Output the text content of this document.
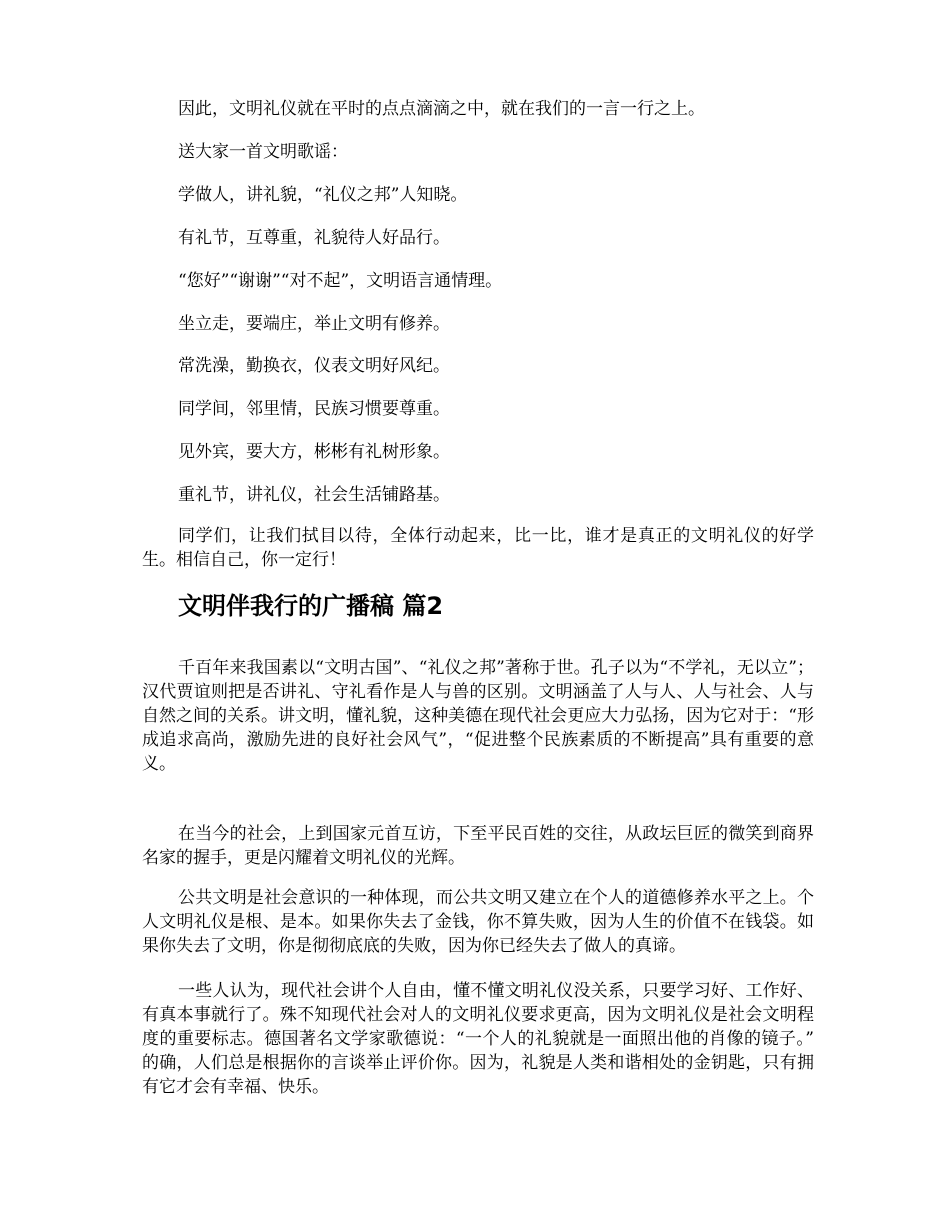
因此，文明礼仪就在平时的点点滴滴之中，就在我们的一言一行之上。

送大家一首文明歌谣：

学做人，讲礼貌，“礼仪之邦”人知晓。

有礼节，互尊重，礼貌待人好品行。

“您好”“谢谢”“对不起”，文明语言通情理。

坐立走，要端庄，举止文明有修养。

常洗澡，勤换衣，仪表文明好风纪。

同学间，邻里情，民族习惯要尊重。

见外宾，要大方，彬彬有礼树形象。

重礼节，讲礼仪，社会生活铺路基。

同学们，让我们拭目以待，全体行动起来，比一比，谁才是真正的文明礼仪的好学生。相信自己，你一定行！

文明伴我行的广播稿 篇2

千百年来我国素以“文明古国”、“礼仪之邦”著称于世。孔子以为“不学礼，无以立”；汉代贾谊则把是否讲礼、守礼看作是人与兽的区别。文明涵盖了人与人、人与社会、人与自然之间的关系。讲文明，懂礼貌，这种美德在现代社会更应大力弘扬，因为它对于：“形成追求高尚，激励先进的良好社会风气”，“促进整个民族素质的不断提高”具有重要的意义。

在当今的社会，上到国家元首互访，下至平民百姓的交往，从政坛巨匠的微笑到商界名家的握手，更是闪耀着文明礼仪的光辉。

公共文明是社会意识的一种体现，而公共文明又建立在个人的道德修养水平之上。个人文明礼仪是根、是本。如果你失去了金钱，你不算失败，因为人生的价值不在钱袋。如果你失去了文明，你是彻彻底底的失败，因为你已经失去了做人的真谛。

一些人认为，现代社会讲个人自由，懂不懂文明礼仪没关系，只要学习好、工作好、有真本事就行了。殊不知现代社会对人的文明礼仪要求更高，因为文明礼仪是社会文明程度的重要标志。德国著名文学家歌德说：“一个人的礼貌就是一面照出他的肖像的镜子。” 的确，人们总是根据你的言谈举止评价你。因为，礼貌是人类和谐相处的金钥匙，只有拥有它才会有幸福、快乐。
